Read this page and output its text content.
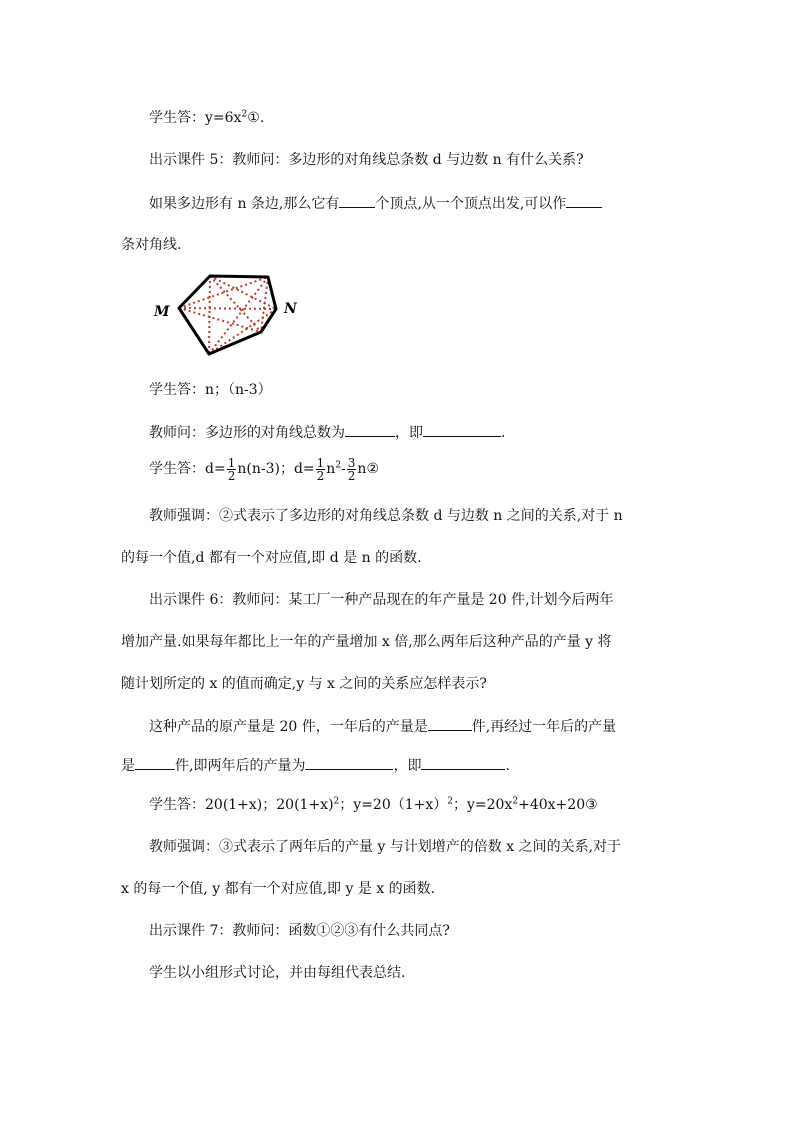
学生答：$y=6x^2①$.
出示课件 5：教师问：多边形的对角线总条数 d 与边数 n 有什么关系?
如果多边形有 n 条边,那么它有	个顶点,从一个顶点出发,可以作
条对角线.
M	N
学生答：n；（n-3）
教师问：多边形的对角线总数为	，即	.
学生答：$d= \frac{1}{2} n(n-3)$；$d= \frac{1}{2} n^2- \frac{3}{2}$ n②
教师强调：②式表示了多边形的对角线总条数 d 与边数 n 之间的关系,对于 n
的每一个值,d 都有一个对应值,即 d 是 n 的函数.
出示课件 6：教师问：某工厂一种产品现在的年产量是 20 件,计划今后两年
增加产量.如果每年都比上一年的产量增加 x 倍,那么两年后这种产品的产量 y 将
随计划所定的 x 的值而确定,y 与 x 之间的关系应怎样表示?
这种产品的原产量是 20 件，一年后的产量是	件,再经过一年后的产量
是	件,即两年后的产量为	，即	.
学生答：20(1+x)；$20(1+x)^2$；$y=20(1+x)^2$；$y=20x^2+40x+20③$
教师强调：③式表示了两年后的产量 y 与计划增产的倍数 x 之间的关系,对于
x 的每一个值, y 都有一个对应值,即 y 是 x 的函数.
出示课件 7：教师问：函数①②③有什么共同点?
学生以小组形式讨论，并由每组代表总结.
